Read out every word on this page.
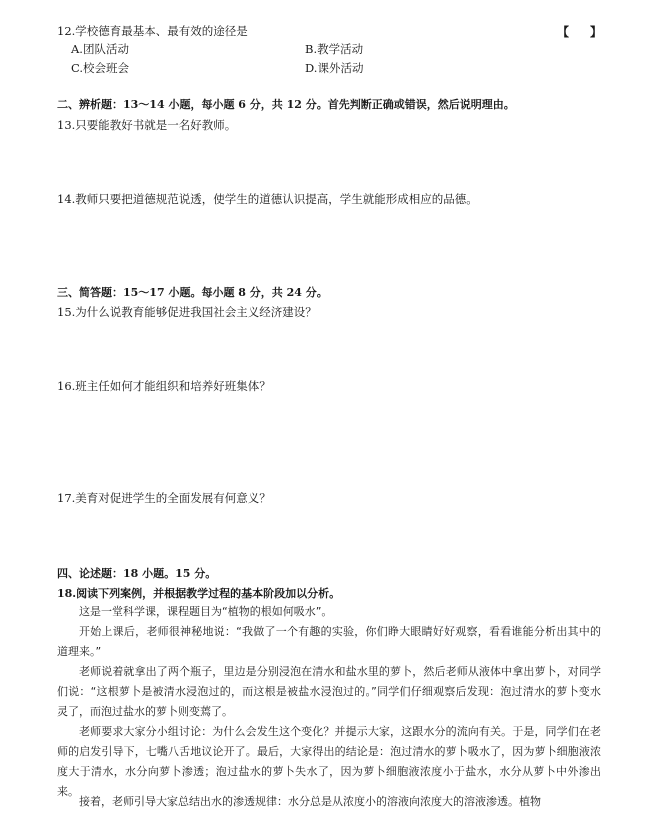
12.学校德育最基本、最有效的途径是	【 】
A.团队活动	B.教学活动
C.校会班会	D.课外活动
二、辨析题：13～14 小题，每小题 6 分，共 12 分。首先判断正确或错误，然后说明理由。
13.只要能教好书就是一名好教师。
14.教师只要把道德规范说透，使学生的道德认识提高，学生就能形成相应的品德。
三、简答题：15～17 小题。每小题 8 分，共 24 分。
15.为什么说教育能够促进我国社会主义经济建设？
16.班主任如何才能组织和培养好班集体？
17.美育对促进学生的全面发展有何意义？
四、论述题：18 小题。15 分。
18.阅读下列案例，并根据教学过程的基本阶段加以分析。
这是一堂科学课，课程题目为“植物的根如何吸水”。
开始上课后，老师很神秘地说：“我做了一个有趣的实验，你们睁大眼睛好好观察，看看谁能分析出其中的道理来。”
老师说着就拿出了两个瓶子，里边是分别浸泡在清水和盐水里的萝卜，然后老师从液体中拿出萝卜，对同学们说：“这根萝卜是被清水浸泡过的，而这根是被盐水浸泡过的。”同学们仔细观察后发现：泡过清水的萝卜变水灵了，而泡过盐水的萝卜则变蔫了。
老师要求大家分小组讨论：为什么会发生这个变化？并提示大家，这跟水分的流向有关。于是，同学们在老师的启发引导下，七嘴八舌地议论开了。最后，大家得出的结论是：泡过清水的萝卜吸水了，因为萝卜细胞液浓度大于清水，水分向萝卜渗透；泡过盐水的萝卜失水了，因为萝卜细胞液浓度小于盐水，水分从萝卜中外渗出来。
接着，老师引导大家总结出水的渗透规律：水分总是从浓度小的溶液向浓度大的溶液渗透。植物
